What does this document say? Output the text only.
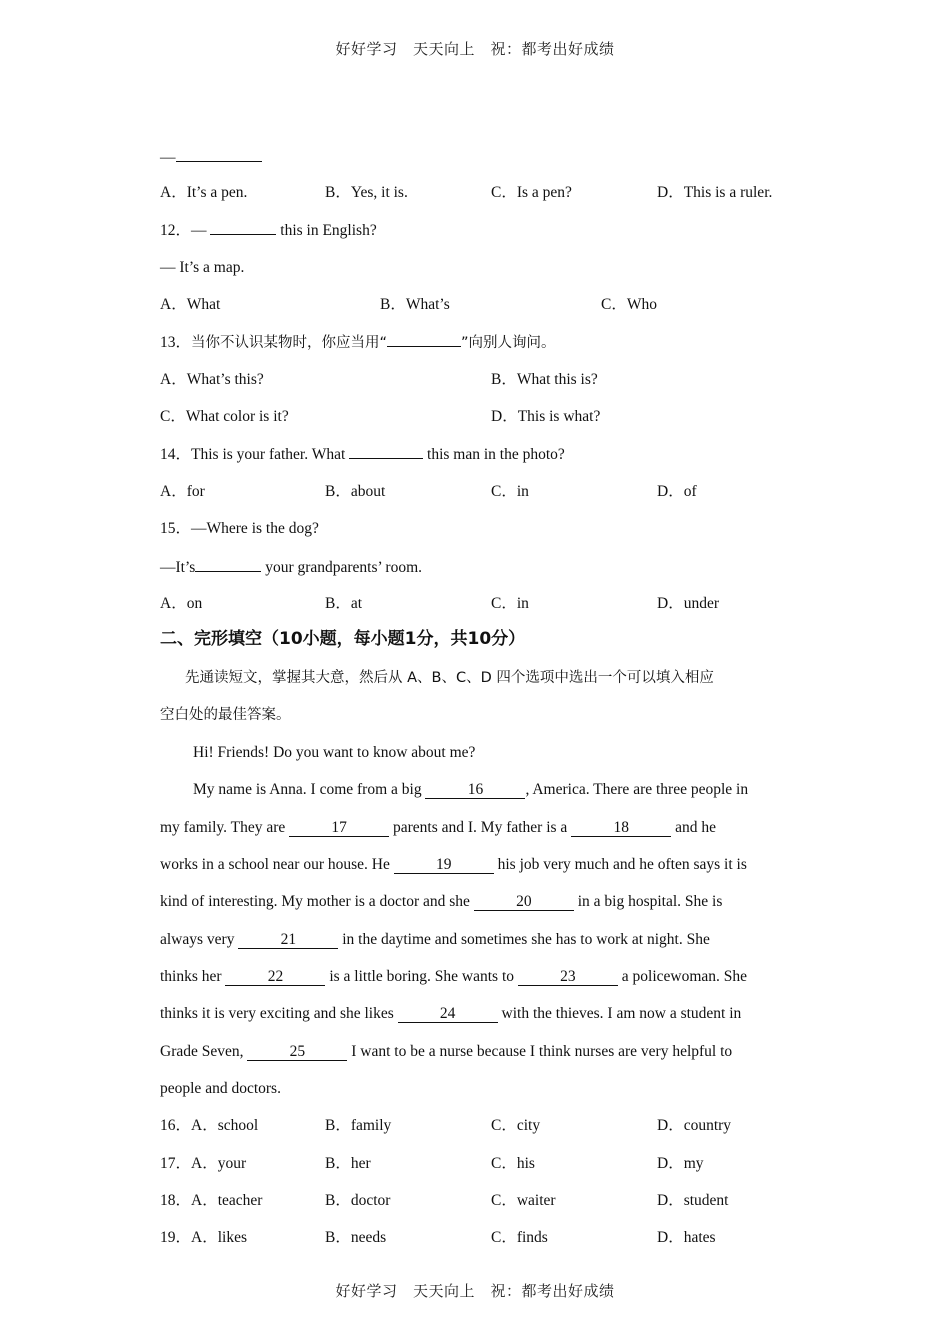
好好学习　天天向上　祝：都考出好成绩
—
A．It’s a pen.	B．Yes, it is.	C．Is a pen?	D．This is a ruler.
12．—	this in English?
— It’s a map.
A．What	B．What’s	C．Who
13．当你不认识某物时，你应当用“	”向别人询问。
A．What’s this?	B．What this is?
C．What color is it?	D．This is what?
14．This is your father. What	this man in the photo?
A．for	B．about	C．in	D．of
15．—Where is the dog?
—It’s	your grandparents’ room.
A．on	B．at	C．in	D．under
二、完形填空（10小题，每小题1分，共10分）
先通读短文，掌握其大意，然后从 A、B、C、D 四个选项中选出一个可以填入相应
空白处的最佳答案。
Hi! Friends! Do you want to know about me?
My name is Anna. I come from a big	16	, America. There are three people in
my family. They are	17	parents and I. My father is a	18	and he
works in a school near our house. He	19	his job very much and he often says it is
kind of interesting. My mother is a doctor and she	20	in a big hospital. She is
always very	21	in the daytime and sometimes she has to work at night. She
thinks her	22	is a little boring. She wants to	23	a policewoman. She
thinks it is very exciting and she likes	24	with the thieves. I am now a student in
Grade Seven,	25	I want to be a nurse because I think nurses are very helpful to
people and doctors.
16．A．school	B．family	C．city	D．country
17．A．your	B．her	C．his	D．my
18．A．teacher	B．doctor	C．waiter	D．student
19．A．likes	B．needs	C．finds	D．hates
好好学习　天天向上　祝：都考出好成绩
